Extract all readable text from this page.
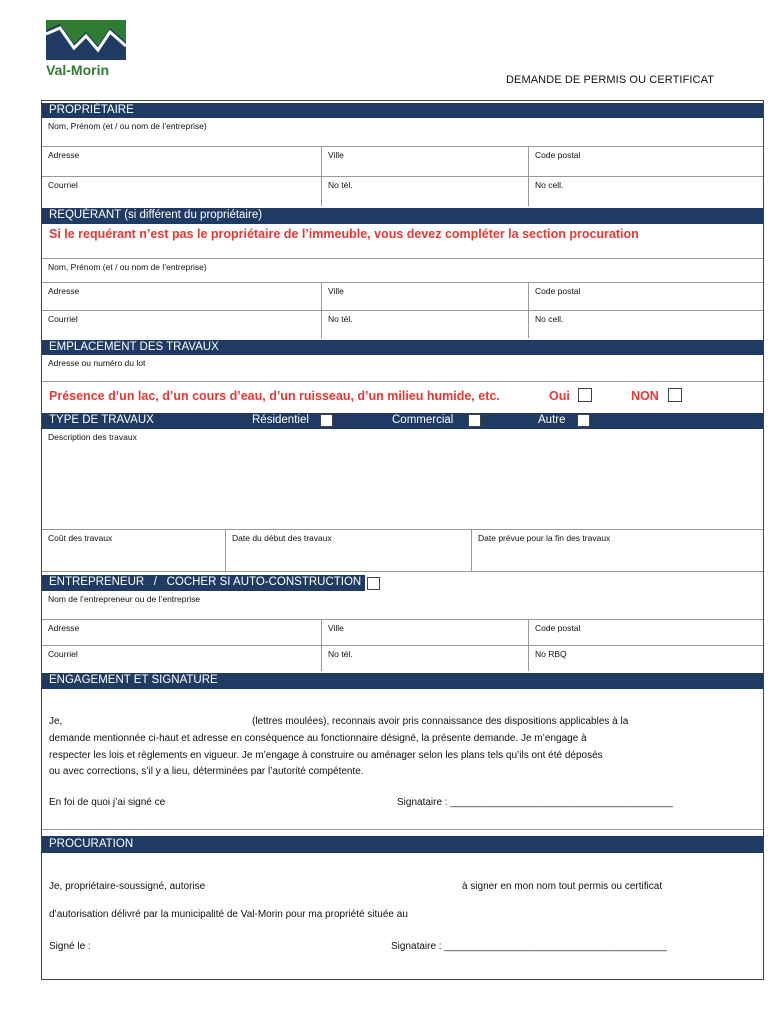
Val-Morin
DEMANDE DE PERMIS OU CERTIFICAT
PROPRIÉTAIRE
Nom, Prénom (et / ou nom de l’entreprise)
Adresse	Ville	Code postal
Courriel	No tél.	No cell.
REQUÉRANT (si différent du propriétaire)
Si le requérant n’est pas le propriétaire de l’immeuble, vous devez compléter la section procuration
Nom, Prénom (et / ou nom de l’entreprise)
Adresse	Ville	Code postal
Courriel	No tél.	No cell.
EMPLACEMENT DES TRAVAUX
Adresse ou numéro du lot
Présence d’un lac, d’un cours d’eau, d’un ruisseau, d’un milieu humide, etc.	Oui	NON
TYPE DE TRAVAUX	Résidentiel	Commercial	Autre
Description des travaux
Coût des travaux	Date du début des travaux	Date prévue pour la fin des travaux
ENTREPRENEUR   /   COCHER SI AUTO-CONSTRUCTION
Nom de l’entrepreneur ou de l’entreprise
Adresse	Ville	Code postal
Courriel	No tél.	No RBQ
ENGAGEMENT ET SIGNATURE
Je,	(lettres moulées), reconnais avoir pris connaissance des dispositions applicables à la
demande mentionnée ci-haut et adresse en conséquence au fonctionnaire désigné, la présente demande. Je m’engage à
respecter les lois et règlements en vigueur. Je m’engage à construire ou aménager selon les plans tels qu’ils ont été déposés
ou avec corrections, s’il y a lieu, déterminées par l’autorité compétente.
En foi de quoi j’ai signé ce	Signataire : ________________________________________
PROCURATION
Je, propriétaire-soussigné, autorise	à signer en mon nom tout permis ou certificat
d’autorisation délivré par la municipalité de Val-Morin pour ma propriété située au
Signé le :	Signataire : ________________________________________
